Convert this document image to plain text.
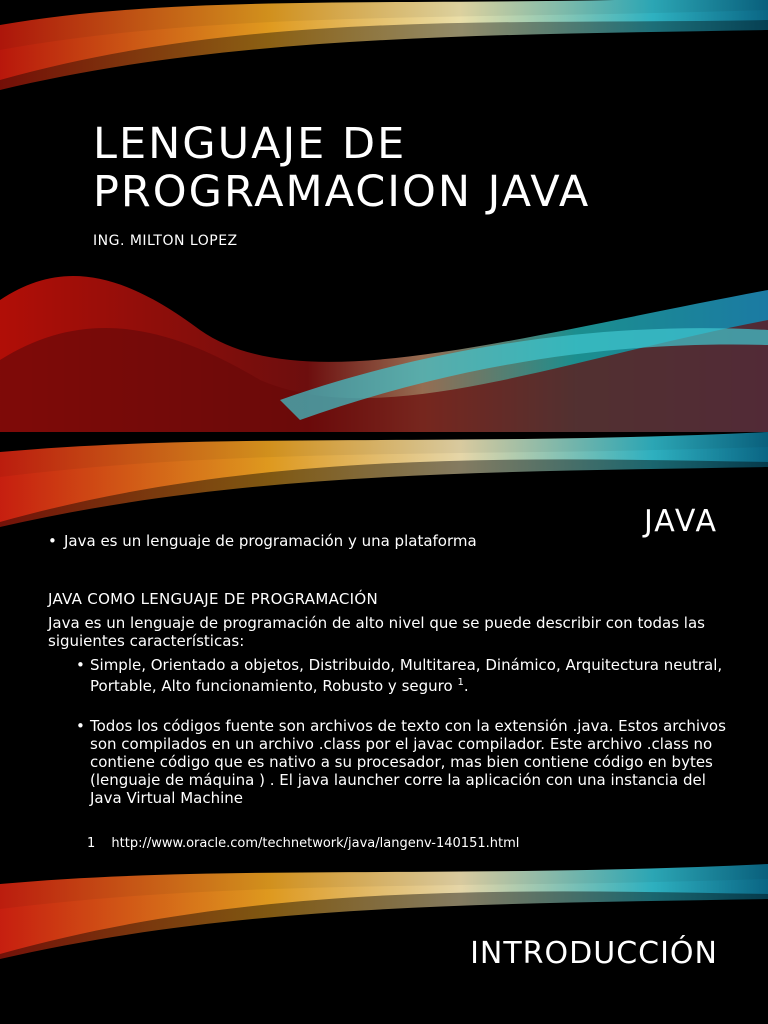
LENGUAJE DE
PROGRAMACION JAVA
ING. MILTON LOPEZ
JAVA

• Java es un lenguaje de programación y una plataforma

JAVA COMO LENGUAJE DE PROGRAMACIÓN
Java es un lenguaje de programación de alto nivel que se puede describir con todas las siguientes características:
• Simple, Orientado a objetos, Distribuido, Multitarea, Dinámico, Arquitectura neutral, Portable, Alto funcionamiento, Robusto y seguro $^1$.
• Todos los códigos fuente son archivos de texto con la extensión .java. Estos archivos son compilados en un archivo .class por el javac compilador. Este archivo .class no contiene código que es nativo a su procesador, mas bien contiene código en bytes (lenguaje de máquina ) . El java launcher corre la aplicación con una instancia del Java Virtual Machine
1 http://www.oracle.com/technetwork/java/langenv-140151.html
INTRODUCCIÓN
